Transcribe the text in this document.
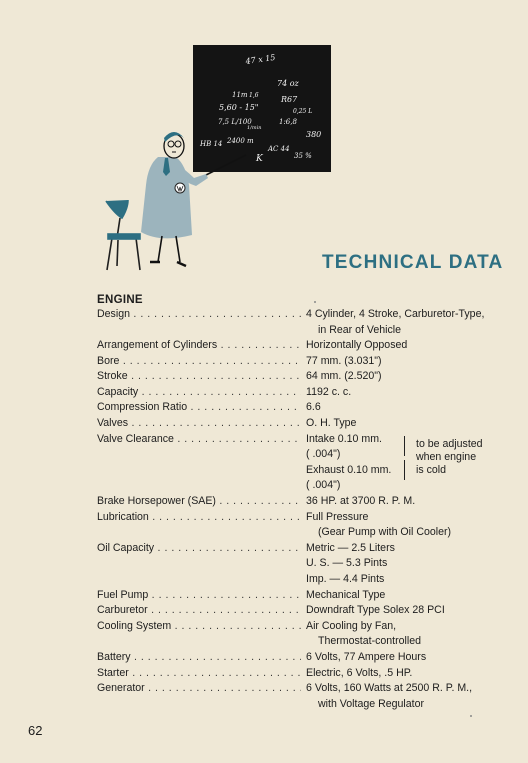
47 x 15
74 oz
11m 1,6	R67
5,60 - 15"	0,25 L
7,5 L/100
1/min
1:6,8
HB 14 2400 m
380
K
AC 44
35 %
TECHNICAL DATA
ENGINE
Design . . .	4 Cylinder, 4 Stroke, Carburetor-Type,
in Rear of Vehicle
Arrangement of Cylinders . . .	Horizontally Opposed
Bore . . .	77 mm. (3.031")
Stroke . . .	64 mm. (2.520")
Capacity . . .	1192 c. c.
Compression Ratio . . .	6.6
Valves . . .	O. H. Type
Valve Clearance . . .	Intake 0.10 mm.
( .004")
Exhaust 0.10 mm.
( .004")
to be adjusted
when engine
is cold
Brake Horsepower (SAE) . . .	36 HP. at 3700 R. P. M.
Lubrication . . .	Full Pressure
(Gear Pump with Oil Cooler)
Oil Capacity . . .	Metric — 2.5 Liters
U. S. — 5.3 Pints
Imp. — 4.4 Pints
Fuel Pump . . .	Mechanical Type
Carburetor . . .	Downdraft Type Solex 28 PCI
Cooling System . . .	Air Cooling by Fan,
Thermostat-controlled
Battery . . .	6 Volts, 77 Ampere Hours
Starter . . .	Electric, 6 Volts, .5 HP.
Generator . . .	6 Volts, 160 Watts at 2500 R. P. M.,
with Voltage Regulator
62
